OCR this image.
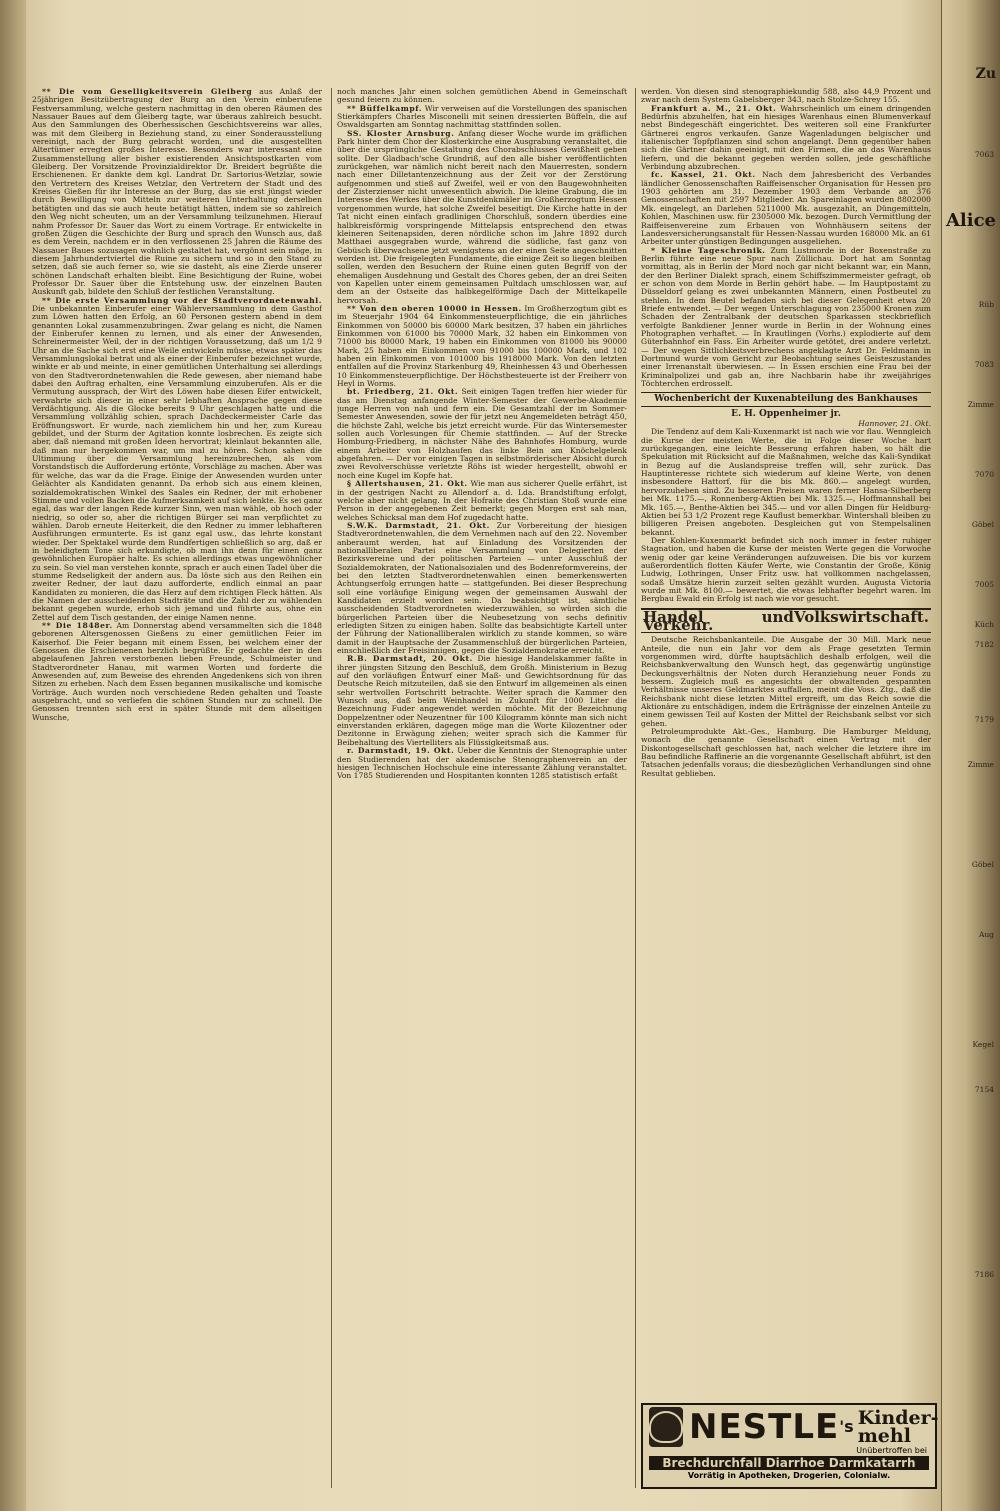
** Die vom Geselligkeitsverein Gleiberg aus Anlaß der 25jährigen Besitzübertragung der Burg an den Verein einberufene Festversammlung, welche gestern nachmittag in den oberen Räumen des Nassauer Baues auf dem Gleiberg tagte, war überaus zahlreich besucht. Aus den Sammlungen des Oberhessischen Geschichtsvereins war alles, was mit dem Gleiberg in Beziehung stand, zu einer Sonderausstellung vereinigt, nach der Burg gebracht worden, und die ausgestellten Altertümer erregten großes Interesse. Besonders war interessant eine Zusammenstellung aller bisher existierenden Ansichtspostkarten vom Gleiberg. Der Vorsitzende Provinzialdirektor Dr. Breidert begrüßte die Erschienenen. Er dankte dem kgl. Landrat Dr. Sartorius-Wetzlar, sowie den Vertretern des Kreises Wetzlar, den Vertretern der Stadt und des Kreises Gießen für ihr Interesse an der Burg, das sie erst jüngst wieder durch Bewilligung von Mitteln zur weiteren Unterhaltung derselben betätigten und das sie auch heute betätigt hätten, indem sie so zahlreich den Weg nicht scheuten, um an der Versammlung teilzunehmen. Hierauf nahm Professor Dr. Sauer das Wort zu einem Vortrage. Er entwickelte in großen Zügen die Geschichte der Burg und sprach den Wunsch aus, daß es dem Verein, nachdem er in den verflossenen 25 Jahren die Räume des Nassauer Baues sozusagen wohnlich gestaltet hat, vergönnt sein möge, in diesem Jahrhundertviertel die Ruine zu sichern und so in den Stand zu setzen, daß sie auch ferner so, wie sie dasteht, als eine Zierde unserer schönen Landschaft erhalten bleibt. Eine Besichtigung der Ruine, wobei Professor Dr. Sauer über die Entstehung usw. der einzelnen Bauten Auskunft gab, bildete den Schluß der festlichen Veranstaltung.

** Die erste Versammlung vor der Stadtverordnetenwahl. Die unbekannten Einberufer einer Wählerversammlung in dem Gasthof zum Löwen hatten den Erfolg, an 60 Personen gestern abend in dem genannten Lokal zusammenzubringen. Zwar gelang es nicht, die Namen der Einberufer kennen zu lernen, und als einer der Anwesenden, Schreinermeister Weil, der in der richtigen Voraussetzung, daß um 1/2 9 Uhr an die Sache sich erst eine Weile entwickeln müsse, etwas später das Versammlungslokal betrat und als einer der Einberufer bezeichnet wurde, winkte er ab und meinte, in einer gemütlichen Unterhaltung sei allerdings von den Stadtverordnetenwahlen die Rede gewesen, aber niemand habe dabei den Auftrag erhalten, eine Versammlung einzuberufen. Als er die Vermutung aussprach, der Wirt des Löwen habe diesen Eifer entwickelt, verwahrte sich dieser in einer sehr lebhaften Ansprache gegen diese Verdächtigung. Als die Glocke bereits 9 Uhr geschlagen hatte und die Versammlung vollzählig schien, sprach Dachdeckermeister Carle das Eröffnungswort. Er wurde, nach ziemlichem hin und her, zum Kureau gebildet, und der Sturm der Agitation konnte losbrechen. Es zeigte sich aber, daß niemand mit großen Ideen hervortrat; kleinlaut bekannten alle, daß man nur hergekommen war, um mal zu hören. Schon sahen die Ultimmung über die Versammlung hereinzubrechen, als vom Vorstandstisch die Aufforderung ertönte, Vorschläge zu machen. Aber was für welche, das war da die Frage. Einige der Anwesenden wurden unter Gelächter als Kandidaten genannt. Da erhob sich aus einem kleinen, sozialdemokratischen Winkel des Saales ein Redner, der mit erhobener Stimme und vollen Backen die Aufmerksamkeit auf sich lenkte. Es sei ganz egal, das war der langen Rede kurzer Sinn, wen man wähle, ob hoch oder niedrig, so oder so, aber die richtigen Bürger sei man verpflichtet zu wählen. Darob erneute Heiterkeit, die den Redner zu immer lebhafteren Ausführungen ermunterte. Es ist ganz egal usw., das lehrte konstant wieder. Der Spektakel wurde dem Rundfertigen schließlich so arg, daß er in beleidigtem Tone sich erkundigte, ob man ihn denn für einen ganz gewöhnlichen Europäer halte. Es schien allerdings etwas ungewöhnlicher zu sein. So viel man verstehen konnte, sprach er auch einen Tadel über die stumme Redseligkeit der andern aus. Da löste sich aus den Reihen ein zweiter Redner, der laut dazu aufforderte, endlich einmal an paar Kandidaten zu monieren, die das Herz auf dem richtigen Fleck hätten. Als die Namen der ausscheidenden Stadträte und die Zahl der zu wählenden bekannt gegeben wurde, erhob sich jemand und führte aus, ohne ein Zettel auf dem Tisch gestanden, der einige Namen nenne.

** Die 1848er. Am Donnerstag abend versammelten sich die 1848 geborenen Altersgenossen Gießens zu einer gemütlichen Feier im Kaiserhof. Die Feier begann mit einem Essen, bei welchem einer der Genossen die Erschienenen herzlich begrüßte. Er gedachte der in den abgelaufenen Jahren verstorbenen lieben Freunde, Schulmeister und Stadtverordneter Hanau, mit warmen Worten und forderte die Anwesenden auf, zum Beweise des ehrenden Angedenkens sich von ihren Sitzen zu erheben. Nach dem Essen begannen musikalische und komische Vorträge. Auch wurden noch verschiedene Reden gehalten und Toaste ausgebracht, und so verliefen die schönen Stunden nur zu schnell. Die Genossen trennten sich erst in später Stunde mit dem allseitigen Wunsche,

noch manches Jahr einen solchen gemütlichen Abend in Gemeinschaft gesund feiern zu können.

** Büffelkampf. Wir verweisen auf die Vorstellungen des spanischen Stierkämpfers Charles Misconelli mit seinen dressierten Büffeln, die auf Oswaldsgarten am Sonntag nachmittag stattfinden sollen.

SS. Kloster Arnsburg. Anfang dieser Woche wurde im gräflichen Park hinter dem Chor der Klosterkirche eine Ausgrabung veranstaltet, die über die ursprüngliche Gestaltung des Chorabschlusses Gewißheit geben sollte. Der Gladbach'sche Grundriß, auf den alle bisher veröffentlichten zurückgehen, war nämlich nicht bereit nach den Mauerresten, sondern nach einer Dilletantenzeichnung aus der Zeit vor der Zerstörung aufgenommen und stieß auf Zweifel, weil er von den Baugewohnheiten der Zisterzienser nicht unwesentlich abwich. Die kleine Grabung, die im Interesse des Werkes über die Kunstdenkmäler im Großherzogtum Hessen vorgenommen wurde, hat solche Zweifel beseitigt. Die Kirche hatte in der Tat nicht einen einfach gradlinigen Chorschluß, sondern überdies eine halbkreisförmig vorspringende Mittelapsis entsprechend den etwas kleineren Seitenapsiden, deren nördliche schon im Jahre 1892 durch Matthaei ausgegraben wurde, während die südliche, fast ganz von Gebüsch überwachsene jetzt wenigstens an der einen Seite angeschnitten worden ist. Die freigelegten Fundamente, die einige Zeit so liegen bleiben sollen, werden den Besuchern der Ruine einen guten Begriff von der ehemaligen Ausdehnung und Gestalt des Chores geben, der an drei Seiten von Kapellen unter einem gemeinsamen Pultdach umschlossen war, auf dem an der Ostseite das halbkegelförmige Dach der Mittelkapelle hervorsah.

** Von den oberen 10000 in Hessen. Im Großherzogtum gibt es im Steuerjahr 1904 64 Einkommensteuerpflichtige, die ein jährliches Einkommen von 50000 bis 60000 Mark besitzen, 37 haben ein jährliches Einkommen von 61000 bis 70000 Mark, 32 haben ein Einkommen von 71000 bis 80000 Mark, 19 haben ein Einkommen von 81000 bis 90000 Mark, 25 haben ein Einkommen von 91000 bis 100000 Mark, und 102 haben ein Einkommen von 101000 bis 1918000 Mark. Von den letzten entfallen auf die Provinz Starkenburg 49, Rheinhessen 43 und Oberhessen 10 Einkommensteuerpflichtige. Der Höchstbesteuerte ist der Freiherr von Heyl in Worms.

bt. Friedberg, 21. Okt. Seit einigen Tagen treffen hier wieder für das am Dienstag anfangende Winter-Semester der Gewerbe-Akademie junge Herren von nah und fern ein. Die Gesamtzahl der im Sommer-Semester Anwesenden, sowie der für jetzt neu Angemeldeten beträgt 450, die höchste Zahl, welche bis jetzt erreicht wurde. Für das Wintersemester sollen auch Vorlesungen für Chemie stattfinden. — Auf der Strecke Homburg-Friedberg, in nächster Nähe des Bahnhofes Homburg, wurde einem Arbeiter von Holzhaufen das linke Bein am Knöchelgelenk abgefahren. — Der vor einigen Tagen in selbstmörderischer Absicht durch zwei Revolverschüsse verletzte Röhs ist wieder hergestellt, obwohl er noch eine Kugel im Kopfe hat.

§ Allertshausen, 21. Okt. Wie man aus sicherer Quelle erfährt, ist in der gestrigen Nacht zu Allendorf a. d. Lda. Brandstiftung erfolgt, welche aber nicht gelang. In der Hofraite des Christian Stoß wurde eine Person in der angegebenen Zeit bemerkt; gegen Morgen erst sah man, welches Schicksal man dem Hof zugedacht hatte.

S.W.K. Darmstadt, 21. Okt. Zur Vorbereitung der hiesigen Stadtverordnetenwahlen, die dem Vernehmen nach auf den 22. November anberaumt werden, hat auf Einladung des Vorsitzenden der nationalliberalen Partei eine Versammlung von Delegierten der Bezirksvereine und der politischen Parteien — unter Ausschluß der Sozialdemokraten, der Nationalsozialen und des Bodenreformvereins, der bei den letzten Stadtverordnetenwahlen einen bemerkenswerten Achtungserfolg errungen hatte — stattgefunden. Bei dieser Besprechung soll eine vorläufige Einigung wegen der gemeinsamen Auswahl der Kandidaten erzielt worden sein. Da beabsichtigt ist, sämtliche ausscheidenden Stadtverordneten wiederzuwählen, so würden sich die bürgerlichen Parteien über die Neubesetzung von sechs definitiv erledigten Sitzen zu einigen haben. Sollte das beabsichtigte Kartell unter der Führung der Nationalliberalen wirklich zu stande kommen, so wäre damit in der Hauptsache der Zusammenschluß der bürgerlichen Parteien, einschließlich der Freisinnigen, gegen die Sozialdemokratie erreicht.

R.B. Darmstadt, 20. Okt. Die hiesige Handelskammer faßte in ihrer jüngsten Sitzung den Beschluß, dem Großh. Ministerium in Bezug auf den vorläufigen Entwurf einer Maß- und Gewichtsordnung für das Deutsche Reich mitzuteilen, daß sie den Entwurf im allgemeinen als einen sehr wertvollen Fortschritt betrachte. Weiter sprach die Kammer den Wunsch aus, daß beim Weinhandel in Zukunft für 1000 Liter die Bezeichnung Fuder angewendet werden möchte. Mit der Bezeichnung Doppelzentner oder Neuzentner für 100 Kilogramm könnte man sich nicht einverstanden erklären, dagegen möge man die Worte Kilozentner oder Dezitonne in Erwägung ziehen; weiter sprach sich die Kammer für Beibehaltung des Viertelliters als Flüssigkeitsmaß aus.

r. Darmstadt, 19. Okt. Ueber die Kenntnis der Stenographie unter den Studierenden hat der akademische Stenographenverein an der hiesigen Technischen Hochschule eine interessante Zählung veranstaltet. Von 1785 Studierenden und Hospitanten konnten 1285 statistisch erfaßt

werden. Von diesen sind stenographiekundig 588, also 44,9 Prozent und zwar nach dem System Gabelsberger 343, nach Stolze-Schrey 155.

Frankfurt a. M., 21. Okt. Wahrscheinlich um einem dringenden Bedürfnis abzuhelfen, hat ein hiesiges Warenhaus einen Blumenverkauf nebst Bindegeschäft eingerichtet. Des weiteren soll eine Frankfurter Gärtnerei engros verkaufen. Ganze Wagenladungen belgischer und italienischer Topfpflanzen sind schon angelangt. Denn gegenüber haben sich die Gärtner dahin geeinigt, mit den Firmen, die an das Warenhaus liefern, und die bekannt gegeben werden sollen, jede geschäftliche Verbindung abzubrechen.

fc. Kassel, 21. Okt. Nach dem Jahresbericht des Verbandes ländlicher Genossenschaften Raiffeisenscher Organisation für Hessen pro 1903 gehörten am 31. Dezember 1903 dem Verbande an 376 Genossenschaften mit 2597 Mitglieder. An Spareinlagen wurden 8802000 Mk. eingelegt, an Darlehen 5211000 Mk. ausgezahlt, an Düngemitteln, Kohlen, Maschinen usw. für 2305000 Mk. bezogen. Durch Vermittlung der Raiffeisenvereine zum Erbauen von Wohnhäusern seitens der Landesversicherungsanstalt für Hessen-Nassau wurden 168000 Mk. an 61 Arbeiter unter günstigen Bedingungen ausgeliehen.

* Kleine Tageschronik. Zum Lustmorde in der Boxenstraße zu Berlin führte eine neue Spur nach Züllichau. Dort hat am Sonntag vormittag, als in Berlin der Mord noch gar nicht bekannt war, ein Mann, der den Berliner Dialekt sprach, einem Schiffszimmermeister gefragt, ob er schon von dem Morde in Berlin gehört habe. — Im Hauptpostamt zu Düsseldorf gelang es zwei unbekannten Männern, einen Postbeutel zu stehlen. In dem Beutel befanden sich bei dieser Gelegenheit etwa 20 Briefe entwendet. — Der wegen Unterschlagung von 235000 Kronen zum Schaden der Zentralbank der deutschen Sparkassen steckbrieflich verfolgte Bankdiener Jenner wurde in Berlin in der Wohnung eines Photographen verhaftet. — In Krautlingen (Vorhs.) explodierte auf dem Güterbahnhof ein Fass. Ein Arbeiter wurde getötet, drei andere verletzt. — Der wegen Sittlichkeitsverbrechens angeklagte Arzt Dr. Feldmann in Dortmund wurde vom Gericht zur Beobachtung seines Geisteszustandes einer Irrenanstalt überwiesen. — In Essen erschien eine Frau bei der Kriminalpolizei und gab an, ihre Nachbarin habe ihr zweijähriges Töchterchen erdrosselt.

Wochenbericht der Kuxenabteilung des Bankhauses
E. H. Oppenheimer jr.

Hannover, 21. Okt.

Die Tendenz auf dem Kali-Kuxenmarkt ist nach wie vor flau. Wenngleich die Kurse der meisten Werte, die in Folge dieser Woche hart zurückgegangen, eine leichte Besserung erfahren haben, so hält die Spekulation mit Rücksicht auf die Maßnahmen, welche das Kali-Syndikat in Bezug auf die Auslandspreise treffen will, sehr zurück. Das Hauptinteresse richtete sich wiederum auf kleine Werte, von denen insbesondere Hattorf, für die bis Mk. 860.— angelegt wurden, hervorzuheben sind. Zu besseren Preisen waren ferner Hansa-Silberberg bei Mk. 1175.—, Ronnenberg-Aktien bei Mk. 1325.—, Hoffmannshall bei Mk. 165.—, Benthe-Aktien bei 345.— und vor allen Dingen für Heldburg-Aktien bei 53 1/2 Prozent rege Kauflust bemerkbar. Wintershall bleiben zu billigeren Preisen angeboten. Desgleichen gut von Stempelsalinen bekannt.

Der Kohlen-Kuxenmarkt befindet sich noch immer in fester ruhiger Stagnation, und haben die Kurse der meisten Werte gegen die Vorwoche wenig oder gar keine Veränderungen aufzuweisen. Die bis vor kurzem außerordentlich flotten Käufer Werte, wie Constantin der Große, König Ludwig, Lothringen, Unser Fritz usw. hat vollkommen nachgelassen, sodaß Umsätze hierin zurzeit selten gezählt wurden. Augusta Victoria wurde mit Mk. 8100.— bewertet, die etwas lebhafter begehrt waren. Im Bergbau Ewald ein Erfolg ist nach wie vor gesucht.

Handel und Verkehr.	Volkswirtschaft.

Deutsche Reichsbankanteile. Die Ausgabe der 30 Mill. Mark neue Anteile, die nun ein Jahr vor dem als Frage gesetzten Termin vorgenommen wird, dürfte hauptsächlich deshalb erfolgen, weil die Reichsbankverwaltung den Wunsch hegt, das gegenwärtig ungünstige Deckungsverhältnis der Noten durch Heranziehung neuer Fonds zu bessern. Zugleich muß es angesichts der obwaltenden gespannten Verhältnisse unseres Geldmarktes auffallen, meint die Voss. Ztg., daß die Reichsbank nicht diese letzten Mittel ergreift, um das Reich sowie die Aktionäre zu entschädigen, indem die Erträgnisse der einzelnen Anteile zu einem gewissen Teil auf Kosten der Mittel der Reichsbank selbst vor sich gehen.

Petroleumprodukte Akt.-Ges., Hamburg. Die Hamburger Meldung, wonach die genannte Gesellschaft einen Vertrag mit der Diskontogesellschaft geschlossen hat, nach welcher die letztere ihre im Bau befindliche Raffinerie an die vorgenannte Gesellschaft abführt, ist den Tatsachen jedenfalls voraus; die diesbezüglichen Verhandlungen sind ohne Resultat geblieben.

$NESTLE^{'s}$ Kinder-mehl
Unübertroffen bei
Brechdurchfall Diarrhoe Darmkatarrh
Vorrätig in Apotheken, Drogerien, Colonialw.
Zu
Alice
7063
Rüb
7083
Zimme
7070
Göbel
7005
Küch
7182
7179
Zimme
Göbel
Aug
Kegel
7154
7186
